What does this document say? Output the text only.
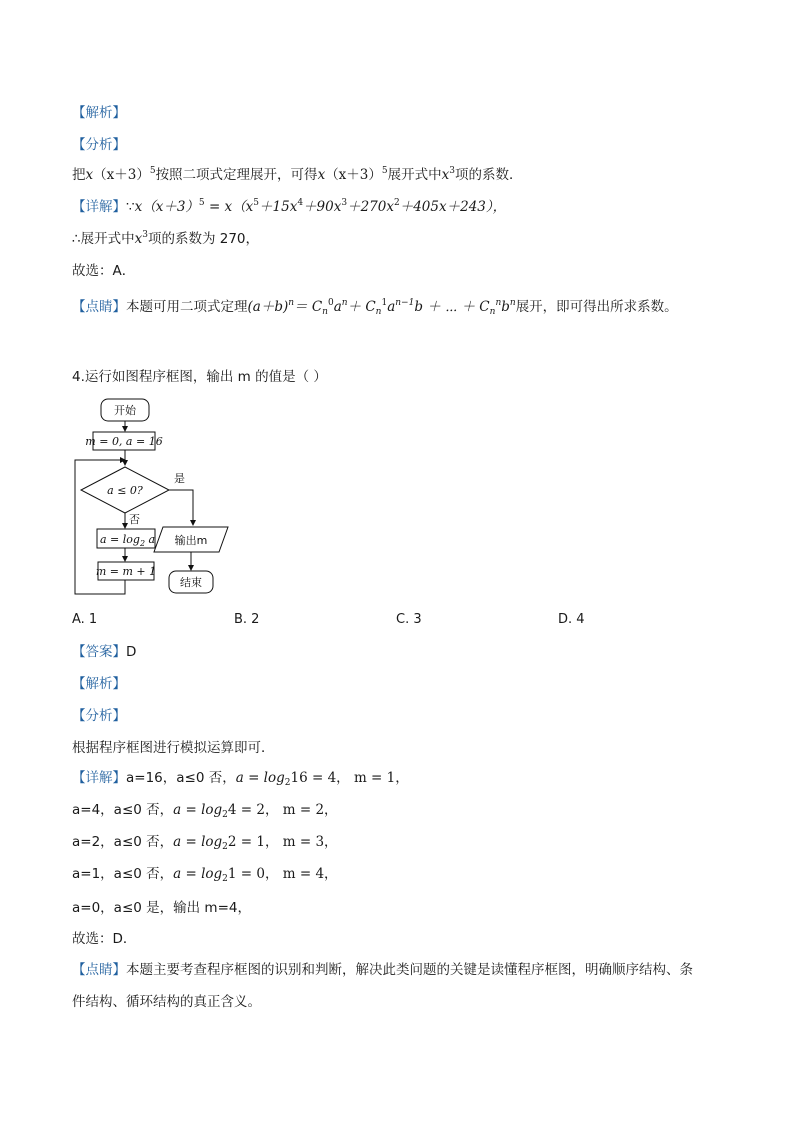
【解析】
【分析】
把$x(x+3)^5$按照二项式定理展开，可得$x(x+3)^5$展开式中$x^3$项的系数．
【详解】$\because x(x+3)^5 = x(x^5+15x^4+90x^3+270x^2+405x+243)$，
∴展开式中$x^3$项的系数为 270，
故选：A．
【点睛】本题可用二项式定理$(a+b)^n= C_n^0a^n+ C_n^1a^{n-1}b$ ＋ ⋯ ＋ $C_n^nb^n$展开，即可得出所求系数。
4.运行如图程序框图，输出 m 的值是（ ）
开始
m = 0, a = 16
a ≤ 0?
是
否
$a = \log_2 a$
m = m + 1
输出m
结束
A. 1	B. 2	C. 3	D. 4
【答案】D
【解析】
【分析】
根据程序框图进行模拟运算即可．
【详解】a=16，a≤0 否，$a = \log_216 = 4$， m = 1，
a=4，a≤0 否，$a = \log_24 = 2$， m = 2，
a=2，a≤0 否，$a = \log_22 = 1$， m = 3，
a=1，a≤0 否，$a = \log_21 = 0$， m = 4，
a=0，a≤0 是，输出 m=4，
故选：D．
【点睛】本题主要考查程序框图的识别和判断，解决此类问题的关键是读懂程序框图，明确顺序结构、条
件结构、循环结构的真正含义。
